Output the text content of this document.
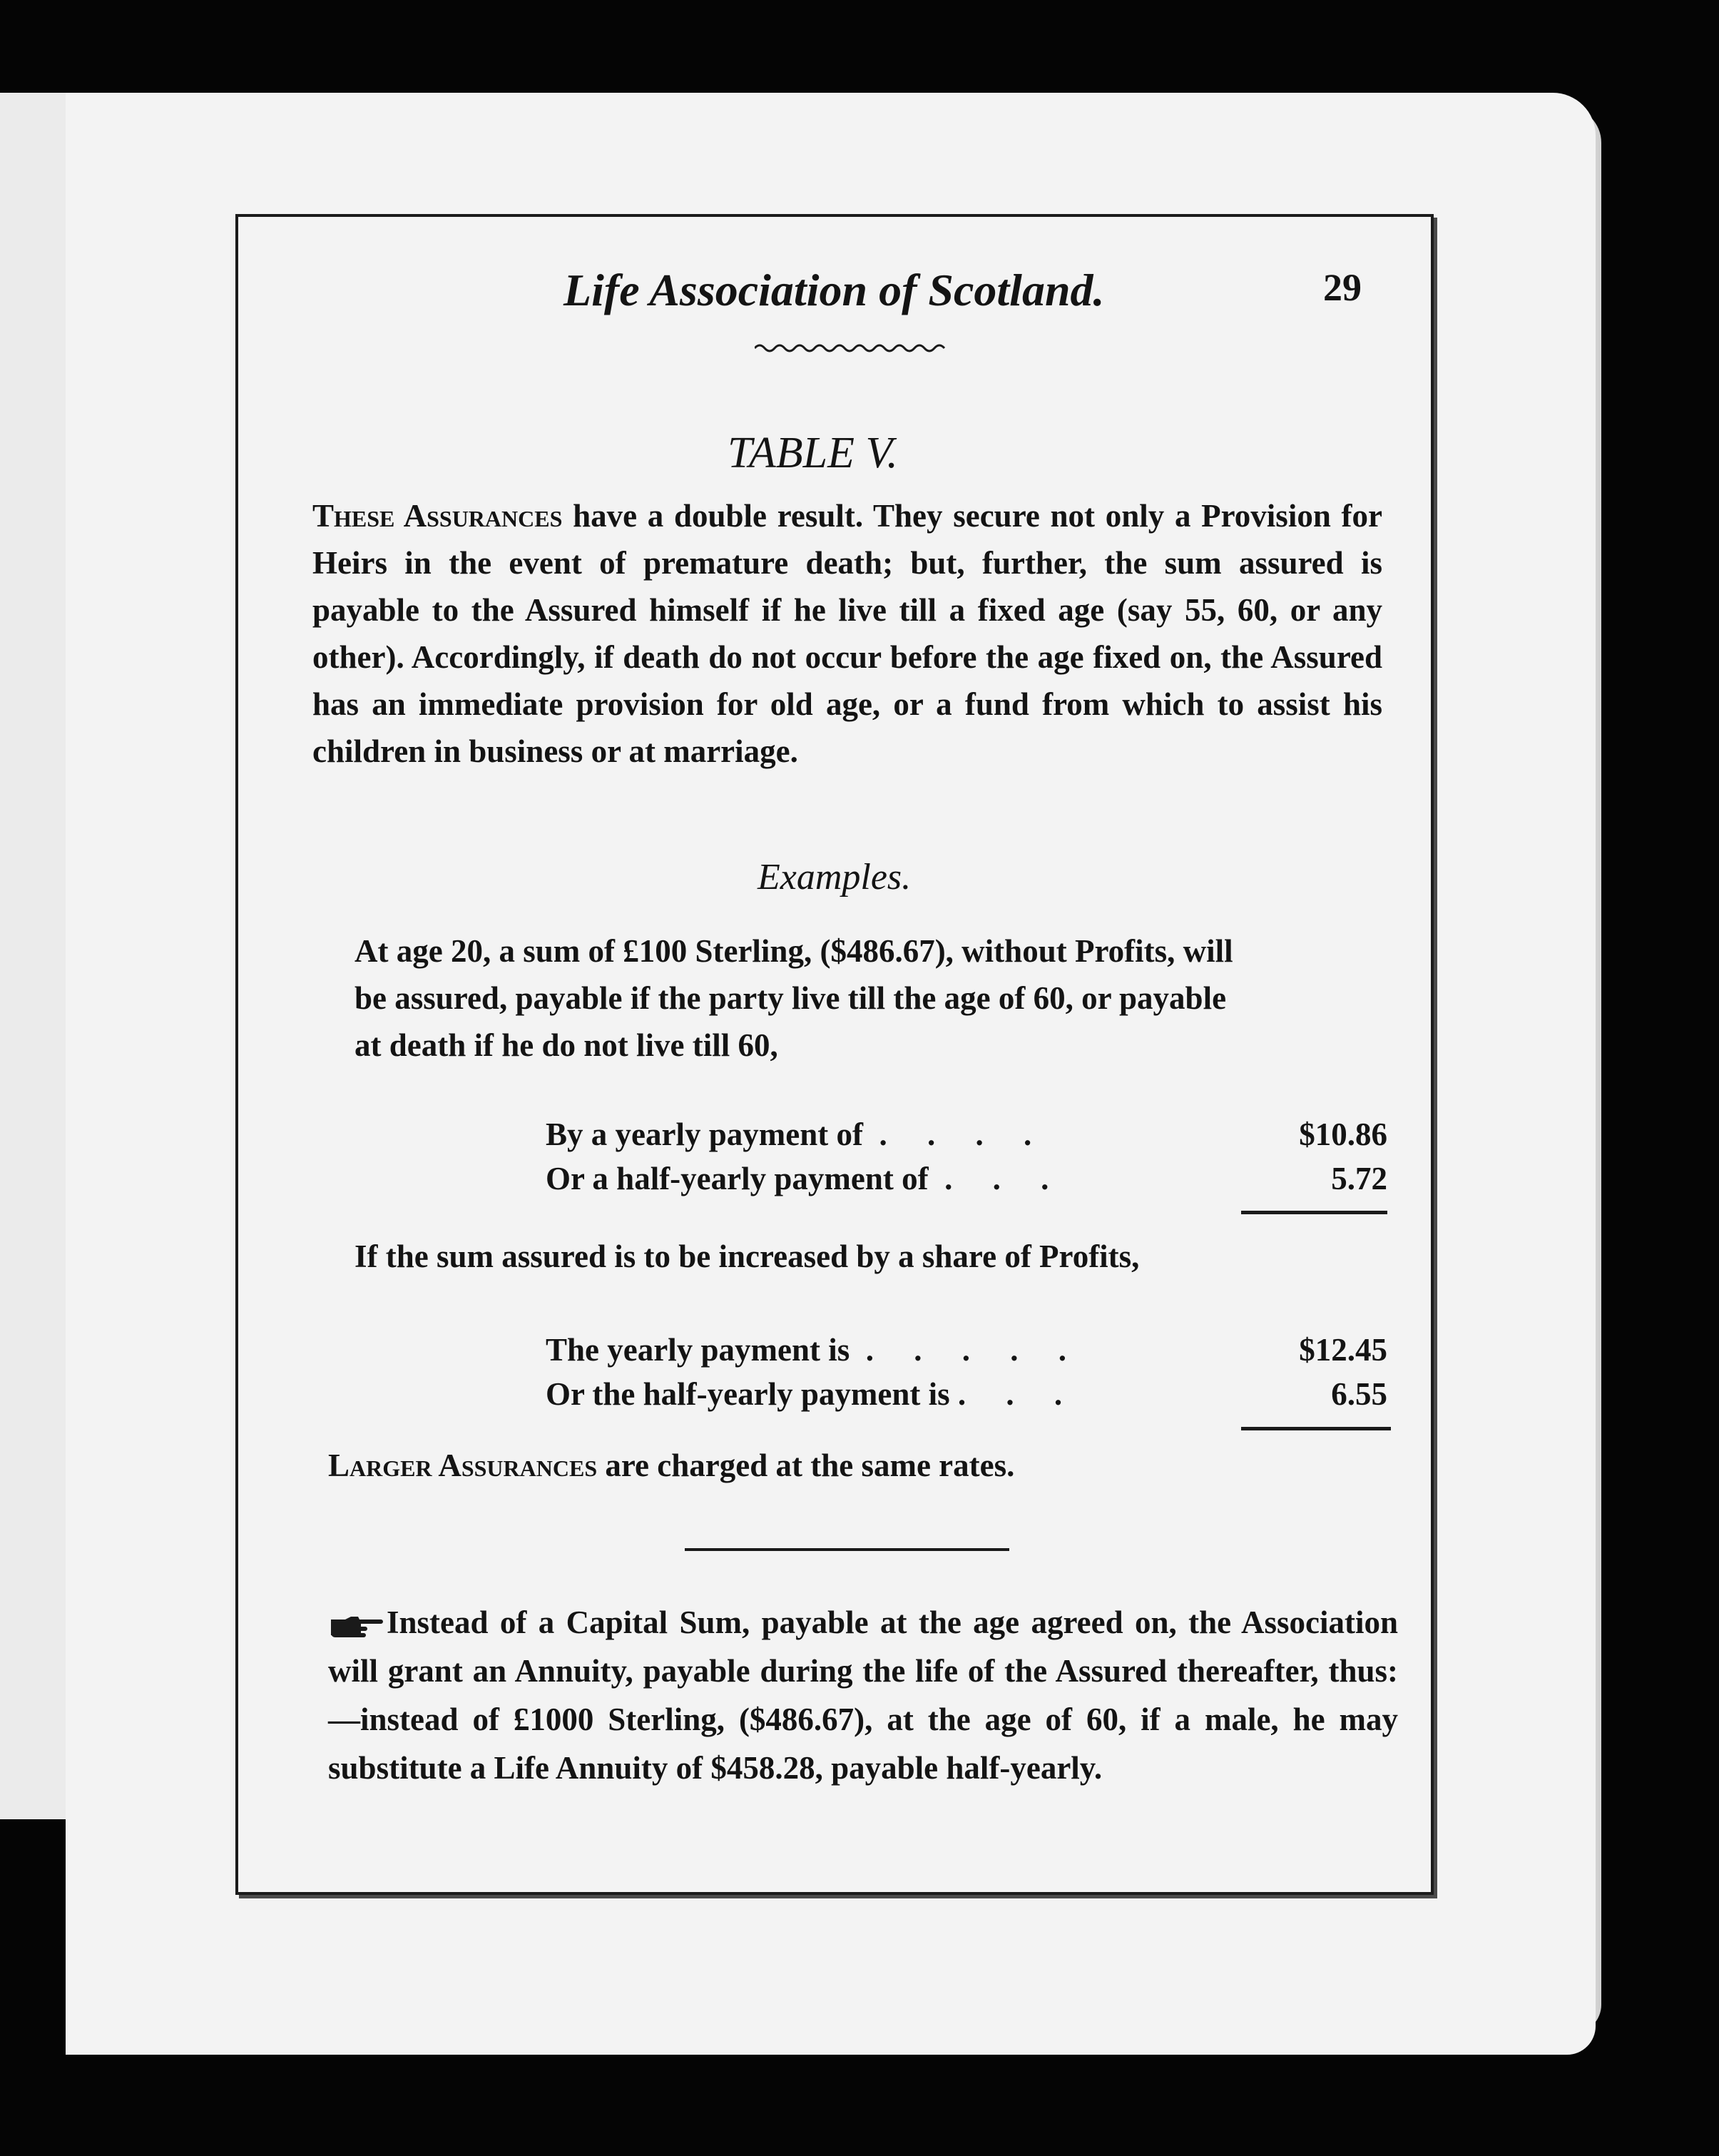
Life Association of Scotland.	29
TABLE V.
These Assurances have a double result. They secure not only a Provision for Heirs in the event of premature death; but, further, the sum assured is payable to the Assured himself if he live till a fixed age (say 55, 60, or any other). Accordingly, if death do not occur before the age fixed on, the Assured has an immediate provision for old age, or a fund from which to assist his children in business or at marriage.
Examples.
At age 20, a sum of £100 Sterling, ($486.67), without Profits, will be assured, payable if the party live till the age of 60, or payable at death if he do not live till 60,
By a yearly payment of  .     .     .     .	$10.86
Or a half-yearly payment of  .     .     .	5.72
If the sum assured is to be increased by a share of Profits,
The yearly payment is  .     .     .     .     .	$12.45
Or the half-yearly payment is .     .     .	6.55
Larger Assurances are charged at the same rates.
Instead of a Capital Sum, payable at the age agreed on, the Association will grant an Annuity, payable during the life of the Assured thereafter, thus:—instead of £1000 Sterling, ($486.67), at the age of 60, if a male, he may substitute a Life Annuity of $458.28, payable half-yearly.
